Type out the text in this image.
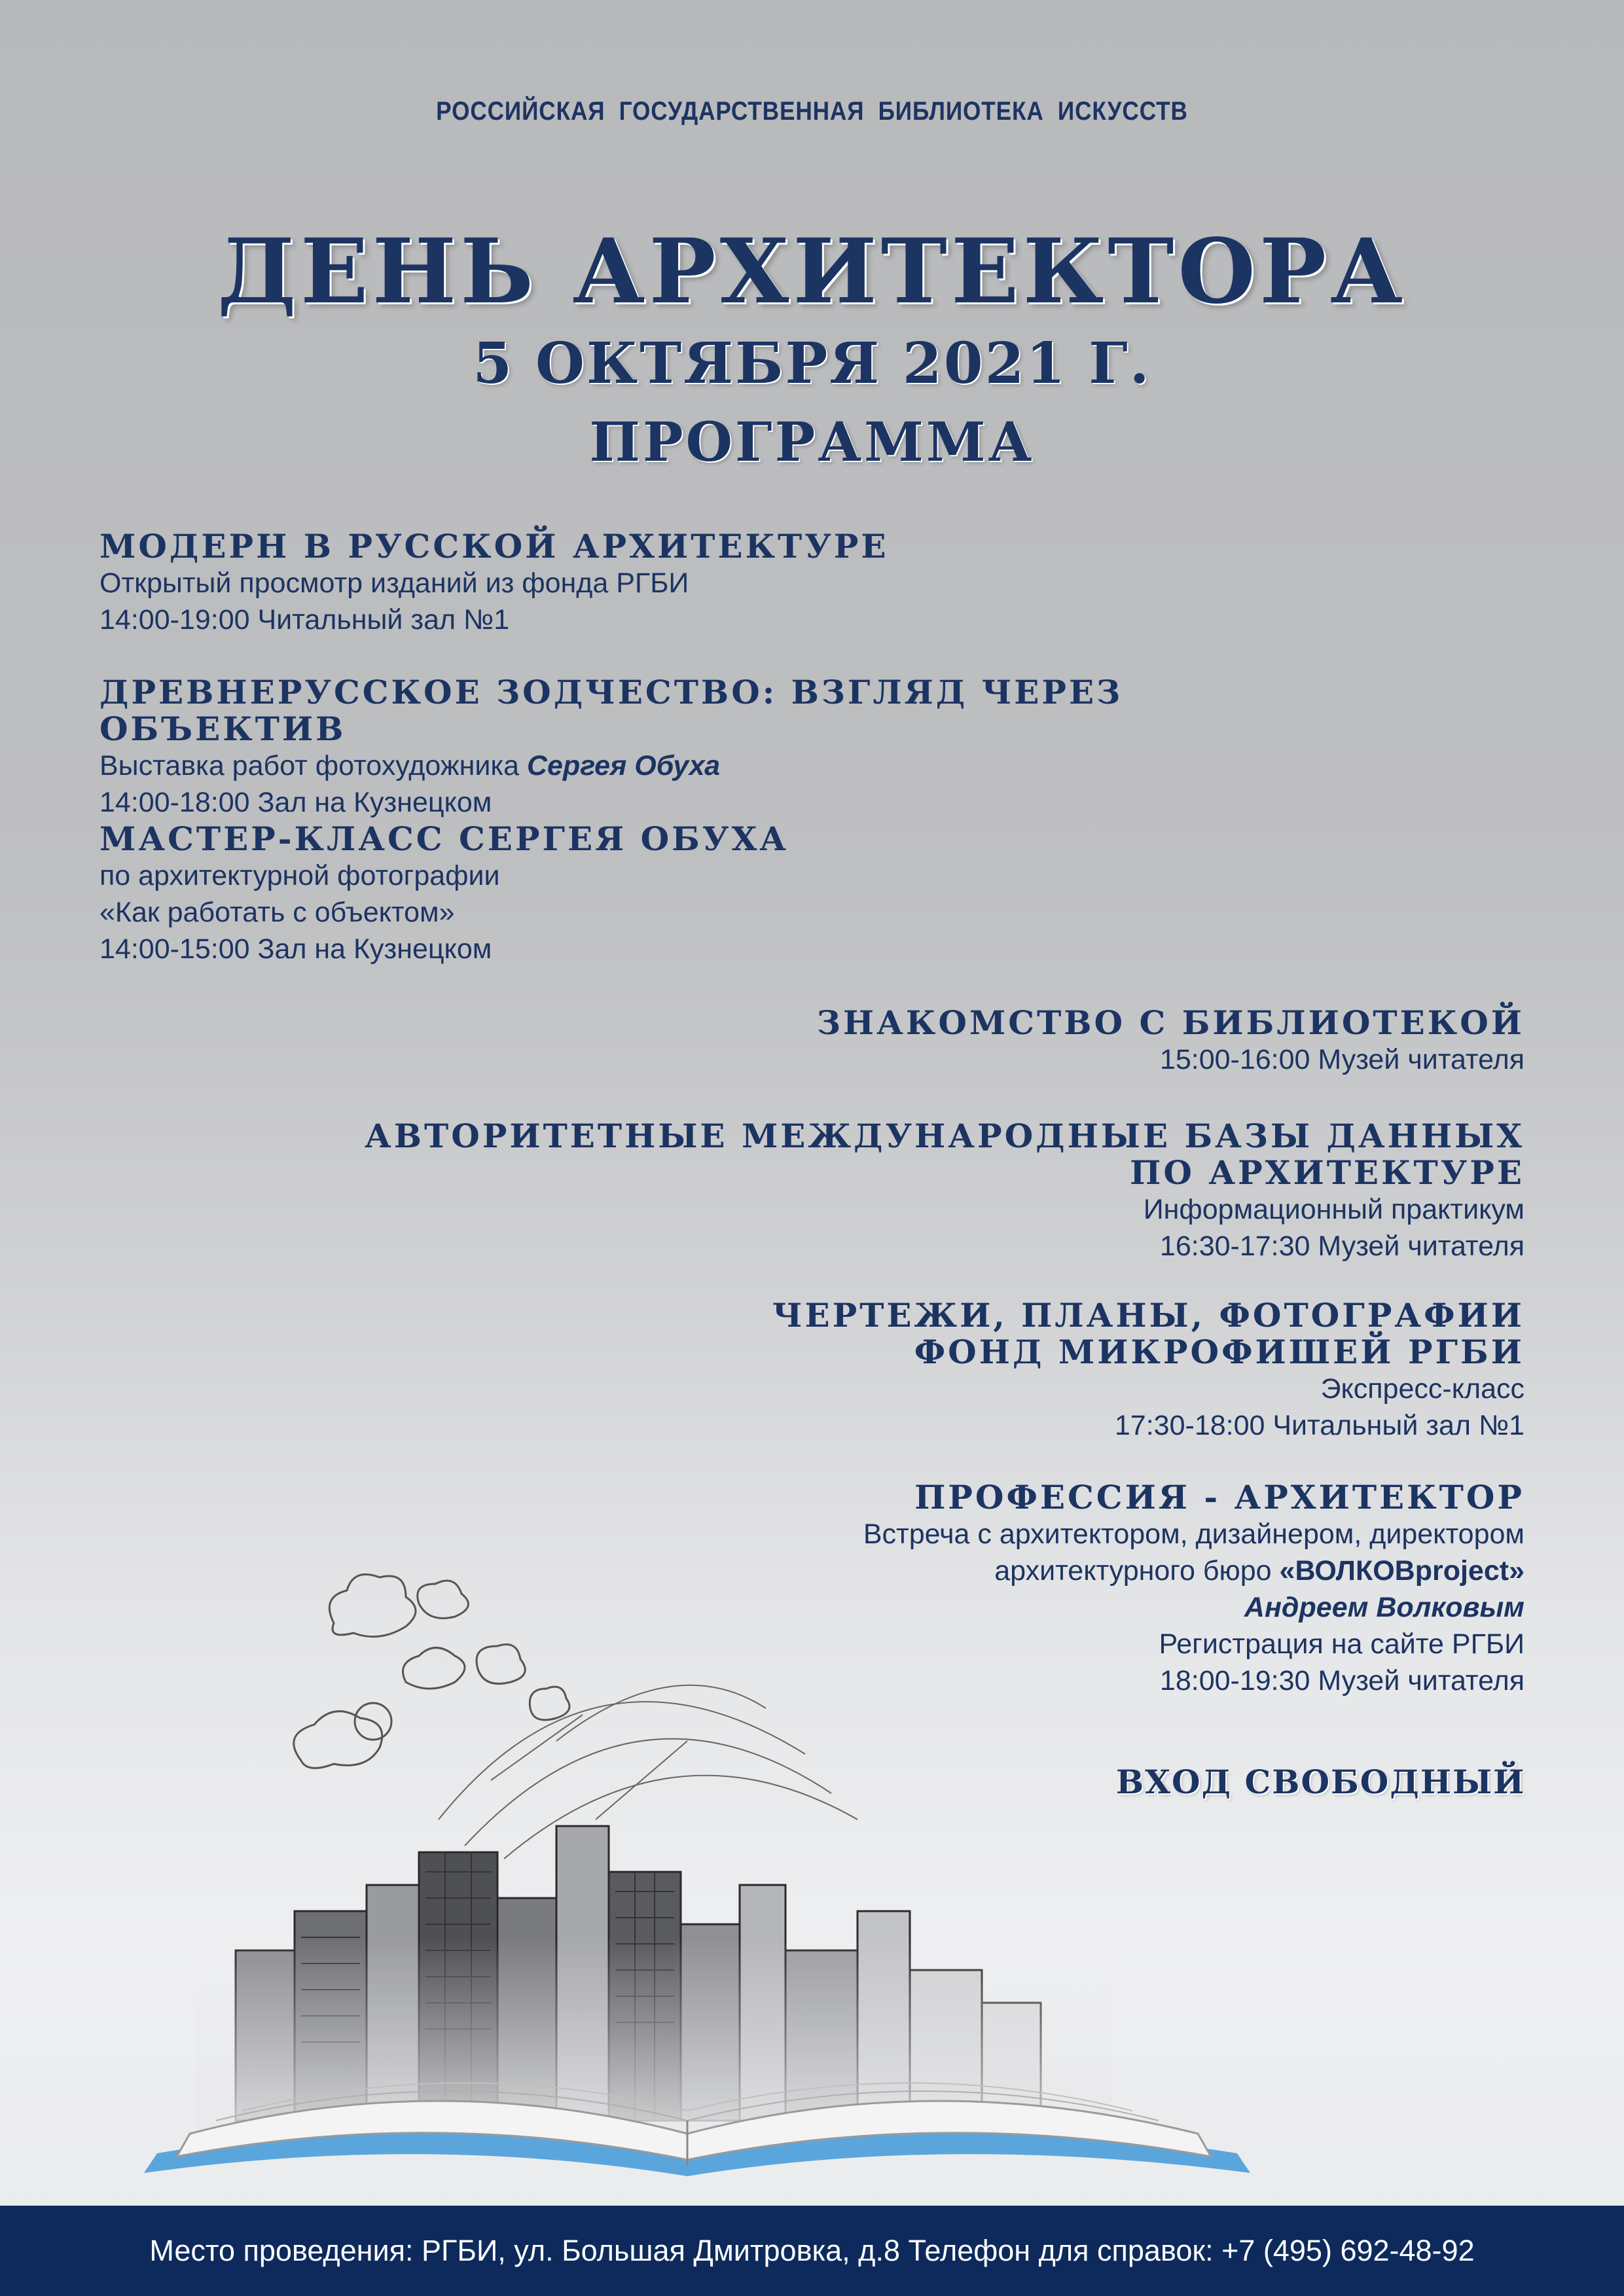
РОССИЙСКАЯ ГОСУДАРСТВЕННАЯ БИБЛИОТЕКА ИСКУССТВ
ДЕНЬ АРХИТЕКТОРА
5 ОКТЯБРЯ 2021 Г.
ПРОГРАММА
МОДЕРН В РУССКОЙ АРХИТЕКТУРЕ

Открытый просмотр изданий из фонда РГБИ

14:00-19:00 Читальный зал №1

ДРЕВНЕРУССКОЕ ЗОДЧЕСТВО: ВЗГЛЯД ЧЕРЕЗ ОБЪЕКТИВ

Выставка работ фотохудожника Сергея Обуха

14:00-18:00 Зал на Кузнецком

МАСТЕР-КЛАСС СЕРГЕЯ ОБУХА

по архитектурной фотографии

«Как работать с объектом»

14:00-15:00 Зал на Кузнецком

ЗНАКОМСТВО С БИБЛИОТЕКОЙ

15:00-16:00 Музей читателя

АВТОРИТЕТНЫЕ МЕЖДУНАРОДНЫЕ БАЗЫ ДАННЫХ
ПО АРХИТЕКТУРЕ

Информационный практикум

16:30-17:30 Музей читателя

ЧЕРТЕЖИ, ПЛАНЫ, ФОТОГРАФИИ
ФОНД МИКРОФИШЕЙ РГБИ

Экспресс-класс

17:30-18:00 Читальный зал №1

ПРОФЕССИЯ - АРХИТЕКТОР

Встреча с архитектором, дизайнером, директором

архитектурного бюро «ВОЛКОВproject»

Андреем Волковым

Регистрация на сайте РГБИ

18:00-19:30 Музей читателя

ВХОД СВОБОДНЫЙ
Место проведения: РГБИ, ул. Большая Дмитровка, д.8 Телефон для справок: +7 (495) 692-48-92
